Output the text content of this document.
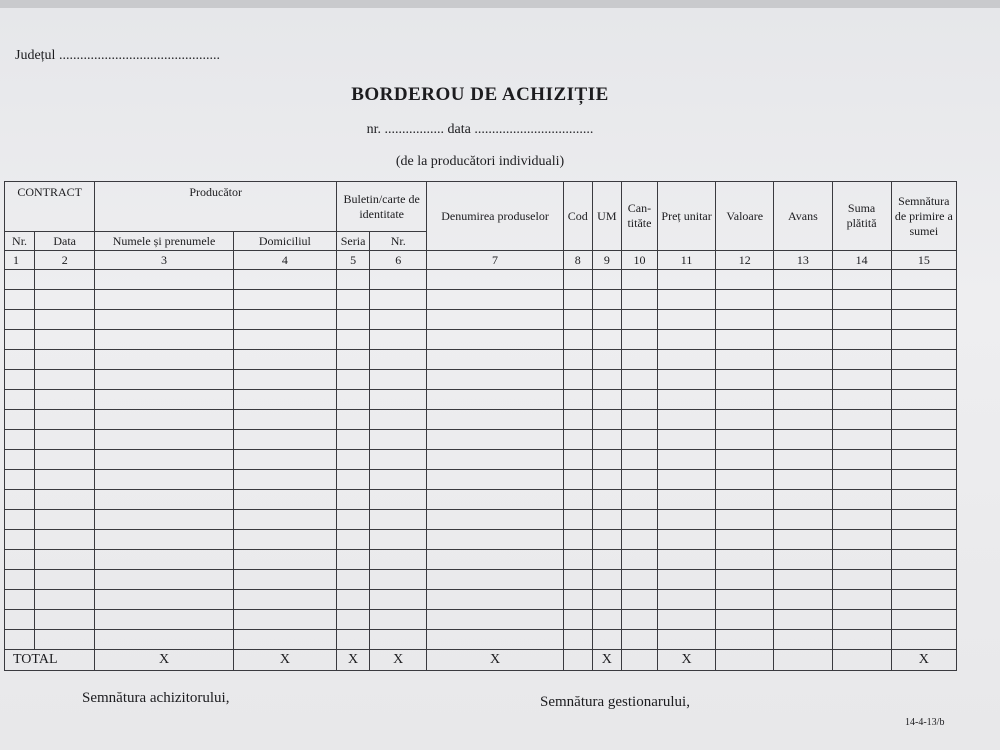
Județul ..............................................
BORDEROU DE ACHIZIȚIE
nr. ................. data ..................................
(de la producători individuali)
CONTRACT		Producător		Buletin/carte de identitate		Denumirea produselor	Cod	UM	Can-tităte	Preț unitar	Valoare	Avans	Suma plătită	Semnătura de primire a sumei
Nr.	Data	Numele și prenumele	Domiciliul	Seria	Nr.									
1	2	3	4	5	6	7	8	9	10	11	12	13	14	15

TOTAL		X	X	X	X	X		X		X				X
Semnătura achizitorului,	Semnătura gestionarului,
14-4-13/b
